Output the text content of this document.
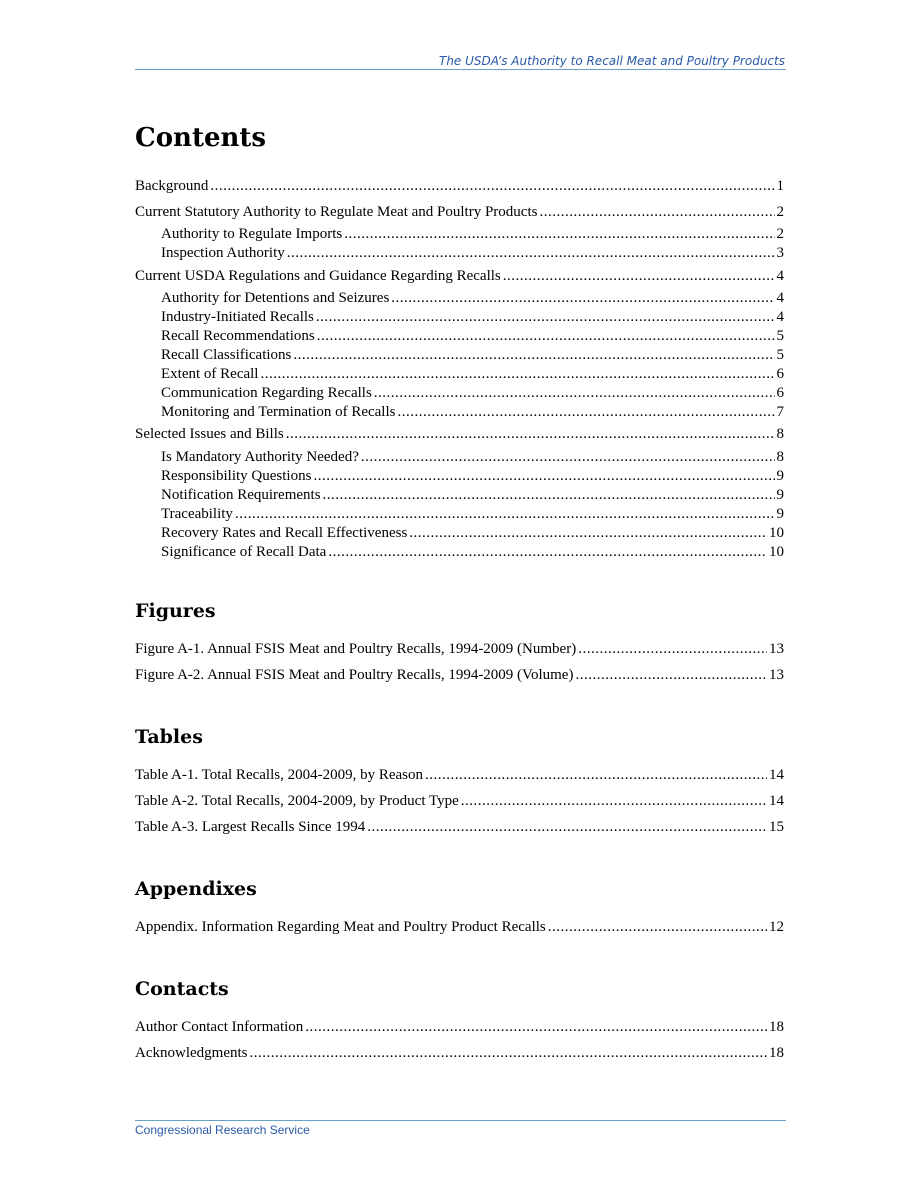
The USDA’s Authority to Recall Meat and Poultry Products
Contents
Background .....	1
Current Statutory Authority to Regulate Meat and Poultry Products .....	2
Authority to Regulate Imports .....	2
Inspection Authority .....	3
Current USDA Regulations and Guidance Regarding Recalls .....	4
Authority for Detentions and Seizures .....	4
Industry-Initiated Recalls .....	4
Recall Recommendations .....	5
Recall Classifications .....	5
Extent of Recall .....	6
Communication Regarding Recalls .....	6
Monitoring and Termination of Recalls .....	7
Selected Issues and Bills .....	8
Is Mandatory Authority Needed? .....	8
Responsibility Questions .....	9
Notification Requirements .....	9
Traceability .....	9
Recovery Rates and Recall Effectiveness .....	10
Significance of Recall Data .....	10
Figures
Figure A-1. Annual FSIS Meat and Poultry Recalls, 1994-2009 (Number) .....	13
Figure A-2. Annual FSIS Meat and Poultry Recalls, 1994-2009 (Volume) .....	13
Tables
Table A-1. Total Recalls, 2004-2009, by Reason .....	14
Table A-2. Total Recalls, 2004-2009, by Product Type .....	14
Table A-3. Largest Recalls Since 1994 .....	15
Appendixes
Appendix. Information Regarding Meat and Poultry Product Recalls .....	12
Contacts
Author Contact Information .....	18
Acknowledgments .....	18
Congressional Research Service
